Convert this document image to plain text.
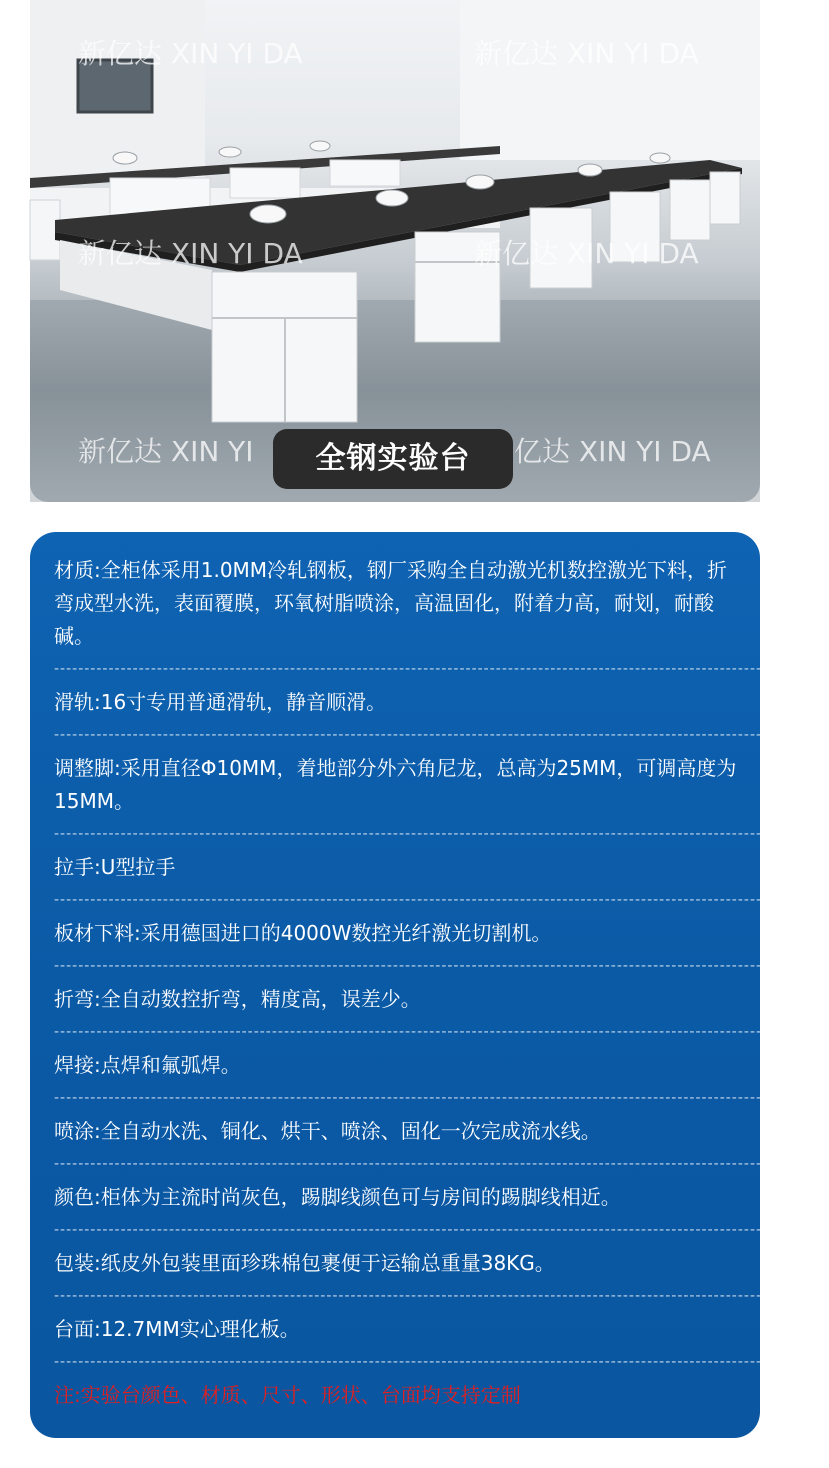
新亿达 XIN YI DA	新亿达 XIN YI DA
新亿达 XIN YI DA	新亿达 XIN YI DA
新亿达 XIN YI	亿达 XIN YI DA
全钢实验台
材质:全柜体采用1.0MM冷轧钢板，钢厂采购全自动激光机数控激光下料，折弯成型水洗，表面覆膜，环氧树脂喷涂，高温固化，附着力高，耐划，耐酸碱。
--------------------------------------------------------------------------------------------------------------------------------
滑轨:16寸专用普通滑轨，静音顺滑。
--------------------------------------------------------------------------------------------------------------------------------
调整脚:采用直径Φ10MM，着地部分外六角尼龙，总高为25MM，可调高度为15MM。
--------------------------------------------------------------------------------------------------------------------------------
拉手:U型拉手
--------------------------------------------------------------------------------------------------------------------------------
板材下料:采用德国进口的4000W数控光纤激光切割机。
--------------------------------------------------------------------------------------------------------------------------------
折弯:全自动数控折弯，精度高，误差少。
--------------------------------------------------------------------------------------------------------------------------------
焊接:点焊和氟弧焊。
--------------------------------------------------------------------------------------------------------------------------------
喷涂:全自动水洗、铜化、烘干、喷涂、固化一次完成流水线。
--------------------------------------------------------------------------------------------------------------------------------
颜色:柜体为主流时尚灰色，踢脚线颜色可与房间的踢脚线相近。
--------------------------------------------------------------------------------------------------------------------------------
包装:纸皮外包装里面珍珠棉包裹便于运输总重量38KG。
--------------------------------------------------------------------------------------------------------------------------------
台面:12.7MM实心理化板。
--------------------------------------------------------------------------------------------------------------------------------
注:实验台颜色、材质、尺寸、形状、台面均支持定制
